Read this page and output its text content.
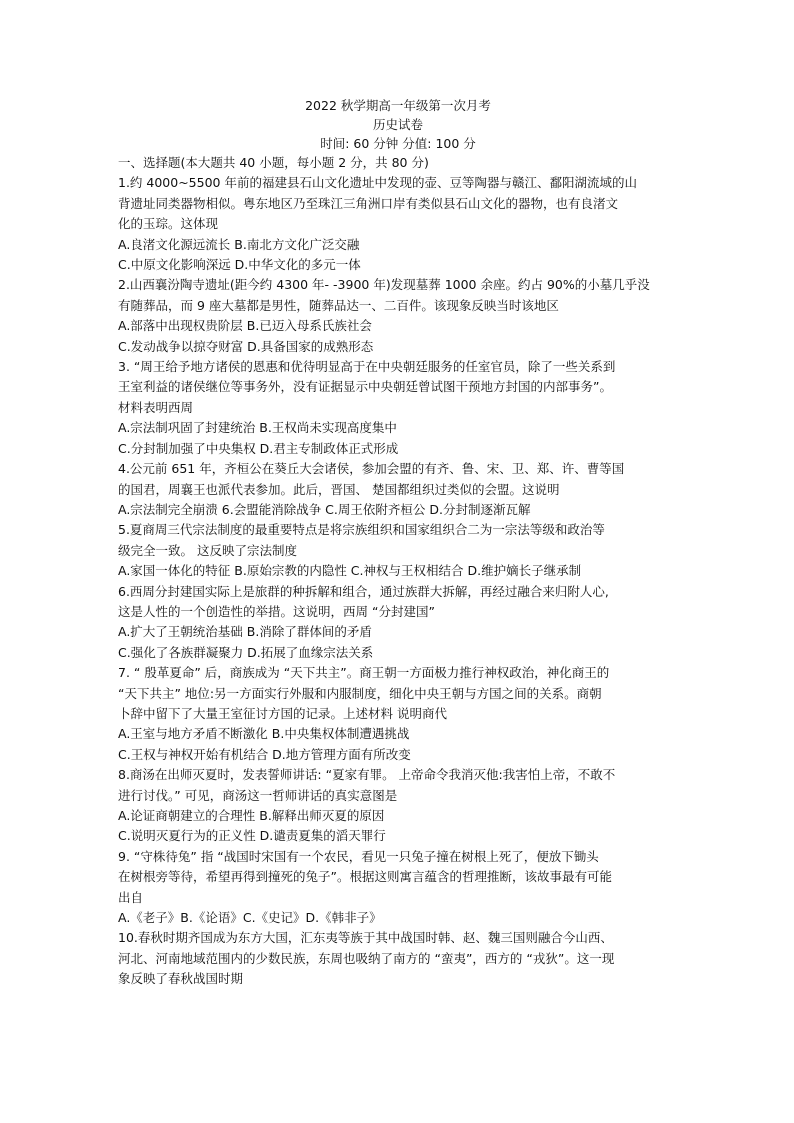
2022 秋学期高一年级第一次月考
历史试卷
时间: 60 分钟 分值: 100 分
一、选择题(本大题共 40 小题，每小题 2 分，共 80 分)
1.约 4000~5500 年前的福建县石山文化遗址中发现的壶、豆等陶器与赣江、鄱阳湖流域的山
背遗址同类器物相似。粤东地区乃至珠江三角洲口岸有类似县石山文化的器物，也有良渚文
化的玉琮。这体现
A.良渚文化源远流长 B.南北方文化广泛交融
C.中原文化影响深远 D.中华文化的多元一体
2.山西襄汾陶寺遗址(距今约 4300 年- -3900 年)发现墓葬 1000 余座。约占 90%的小墓几乎没
有随葬品，而 9 座大墓都是男性，随葬品达一、二百件。该现象反映当时该地区
A.部落中出现权贵阶层 B.已迈入母系氏族社会
C.发动战争以掠夺财富 D.具备国家的成熟形态
3. “周王给予地方诸侯的恩惠和优待明显高于在中央朝廷服务的任室官员，除了一些关系到
王室利益的诸侯继位等事务外，没有证据显示中央朝廷曾试图干预地方封国的内部事务”。
材料表明西周
A.宗法制巩固了封建统治 B.王权尚未实现高度集中
C.分封制加强了中央集权 D.君主专制政体正式形成
4.公元前 651 年，齐桓公在葵丘大会诸侯，参加会盟的有齐、鲁、宋、卫、郑、许、曹等国
的国君，周襄王也派代表参加。此后，晋国、 楚国都组织过类似的会盟。这说明
A.宗法制完全崩溃 6.会盟能消除战争 C.周王依附齐桓公 D.分封制逐渐瓦解
5.夏商周三代宗法制度的最重要特点是将宗族组织和国家组织合二为一宗法等级和政治等
级完全一致。 这反映了宗法制度
A.家国一体化的特征 B.原始宗教的内隐性 C.神权与王权相结合 D.维护嫡长子继承制
6.西周分封建国实际上是旅群的种拆解和组合，通过族群大拆解，再经过融合来归附人心,
这是人性的一个创造性的举措。这说明，西周 “分封建国”
A.扩大了王朝统治基础 B.消除了群体间的矛盾
C.强化了各族群凝聚力 D.拓展了血缘宗法关系
7. “ 殷革夏命” 后，商族成为 “天下共主”。商王朝一方面极力推行神权政治，神化商王的
“天下共主” 地位:另一方面实行外服和内服制度，细化中央王朝与方国之间的关系。商朝
卜辞中留下了大量王室征讨方国的记录。上述材料 说明商代
A.王室与地方矛盾不断激化 B.中央集权体制遭遇挑战
C.王权与神权开始有机结合 D.地方管理方面有所改变
8.商汤在出师灭夏时，发表誓师讲话: “夏家有罪。 上帝命令我消灭他:我害怕上帝，不敢不
进行讨伐。” 可见，商汤这一哲师讲话的真实意图是
A.论证商朝建立的合理性 B.解释出师灭夏的原因
C.说明灭夏行为的正义性 D.谴责夏集的滔天罪行
9. “守株待兔” 指 “战国时宋国有一个农民，看见一只兔子撞在树根上死了，便放下锄头
在树根旁等待，希望再得到撞死的兔子”。根据这则寓言蕴含的哲理推断，该故事最有可能
出自
A.《老子》B.《论语》C.《史记》D.《韩非子》
10.春秋时期齐国成为东方大国，汇东夷等族于其中战国时韩、赵、魏三国则融合今山西、
河北、河南地域范围内的少数民族，东周也吸纳了南方的 “蛮夷”，西方的 “戎狄”。这一现
象反映了春秋战国时期
